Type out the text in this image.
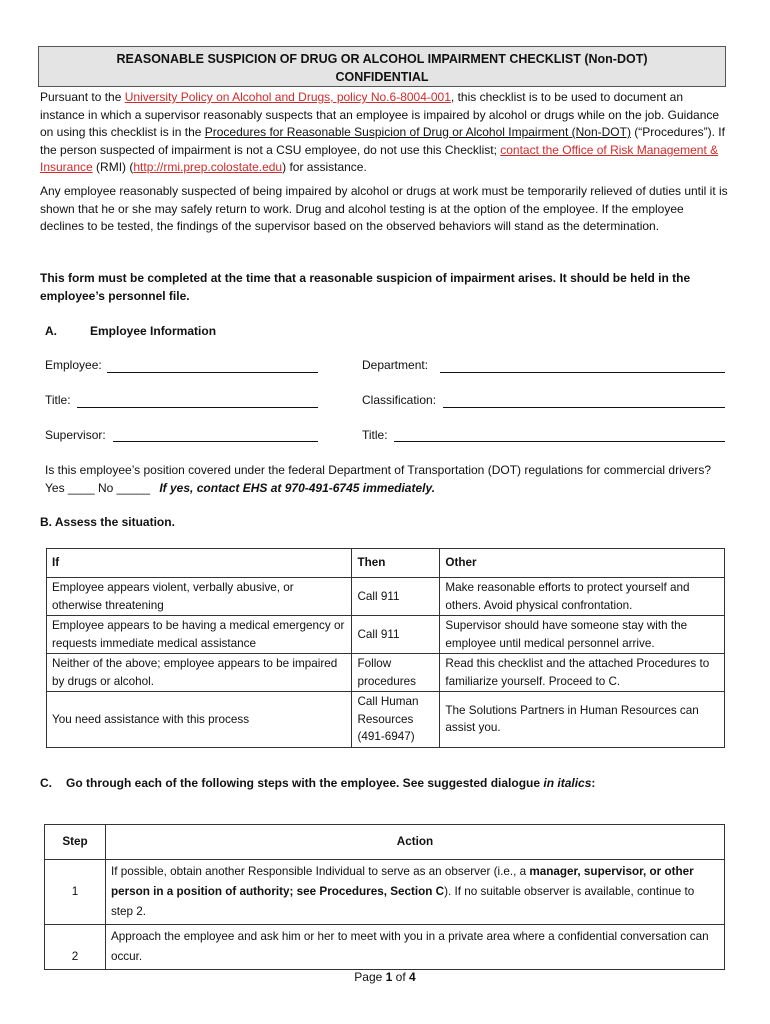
REASONABLE SUSPICION OF DRUG OR ALCOHOL IMPAIRMENT CHECKLIST (Non-DOT)
CONFIDENTIAL
Pursuant to the University Policy on Alcohol and Drugs, policy No.6-8004-001, this checklist is to be used to document an instance in which a supervisor reasonably suspects that an employee is impaired by alcohol or drugs while on the job. Guidance on using this checklist is in the Procedures for Reasonable Suspicion of Drug or Alcohol Impairment (Non-DOT) (“Procedures”). If the person suspected of impairment is not a CSU employee, do not use this Checklist; contact the Office of Risk Management & Insurance (RMI) (http://rmi.prep.colostate.edu) for assistance.
Any employee reasonably suspected of being impaired by alcohol or drugs at work must be temporarily relieved of duties until it is shown that he or she may safely return to work. Drug and alcohol testing is at the option of the employee. If the employee declines to be tested, the findings of the supervisor based on the observed behaviors will stand as the determination.
This form must be completed at the time that a reasonable suspicion of impairment arises. It should be held in the employee’s personnel file.
A.	Employee Information
Employee:	Department:
Title:	Classification:
Supervisor:	Title:
Is this employee’s position covered under the federal Department of Transportation (DOT) regulations for commercial drivers? Yes ____ No _____ If yes, contact EHS at 970-491-6745 immediately.
B. Assess the situation.
If	Then	Other
Employee appears violent, verbally abusive, or otherwise threatening	Call 911	Make reasonable efforts to protect yourself and others. Avoid physical confrontation.
Employee appears to be having a medical emergency or requests immediate medical assistance	Call 911	Supervisor should have someone stay with the employee until medical personnel arrive.
Neither of the above; employee appears to be impaired by drugs or alcohol.	Follow procedures	Read this checklist and the attached Procedures to familiarize yourself. Proceed to C.
You need assistance with this process	Call Human Resources (491-6947)	The Solutions Partners in Human Resources can assist you.
C. Go through each of the following steps with the employee. See suggested dialogue in italics:
Step	Action
1	If possible, obtain another Responsible Individual to serve as an observer (i.e., a manager, supervisor, or other person in a position of authority; see Procedures, Section C). If no suitable observer is available, continue to step 2.
2	Approach the employee and ask him or her to meet with you in a private area where a confidential conversation can occur.
Page 1 of 4
